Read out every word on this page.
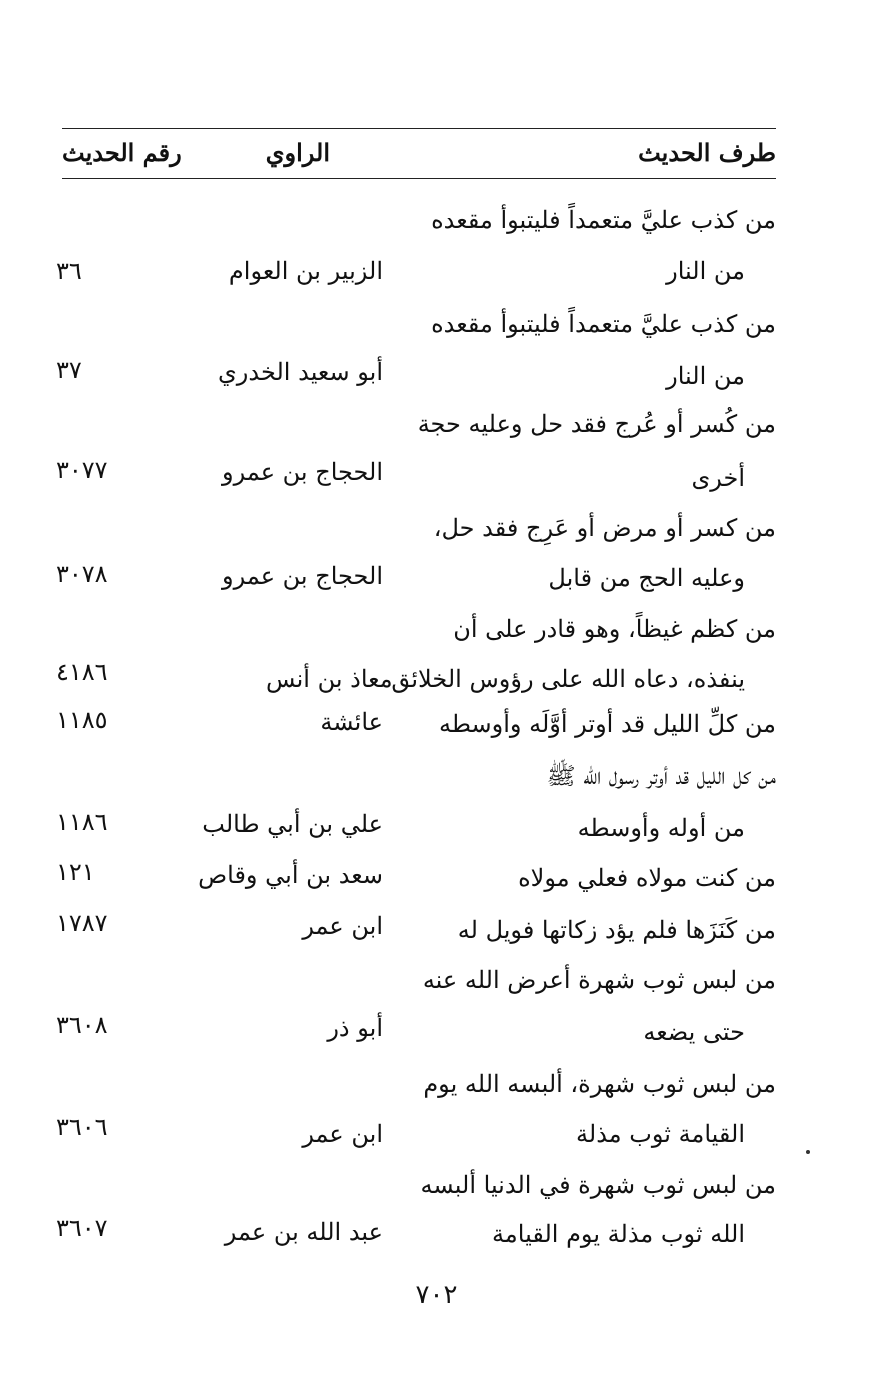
طرف الحديث
الراوي
رقم الحديث
من كذب عليَّ متعمداً فليتبوأ مقعده
من النار
الزبير بن العوام
٣٦
من كذب عليَّ متعمداً فليتبوأ مقعده
من النار
أبو سعيد الخدري
٣٧
من كُسر أو عُرج فقد حل وعليه حجة
أخرى
الحجاج بن عمرو
٣٠٧٧
من كسر أو مرض أو عَرِج فقد حل،
وعليه الحج من قابل
الحجاج بن عمرو
٣٠٧٨
من كظم غيظاً، وهو قادر على أن
ينفذه، دعاه الله على رؤوس الخلائق
معاذ بن أنس
٤١٨٦
من كلِّ الليل قد أوتر أوَّلَه وأوسطه
عائشة
١١٨٥
من كل الليل قد أوتر رسول الله ﷺ
من أوله وأوسطه
علي بن أبي طالب
١١٨٦
من كنت مولاه فعلي مولاه
سعد بن أبي وقاص
١٢١
من كَنَزَها فلم يؤد زكاتها فويل له
ابن عمر
١٧٨٧
من لبس ثوب شهرة أعرض الله عنه
حتى يضعه
أبو ذر
٣٦٠٨
من لبس ثوب شهرة، ألبسه الله يوم
القيامة ثوب مذلة
ابن عمر
٣٦٠٦
من لبس ثوب شهرة في الدنيا ألبسه
الله ثوب مذلة يوم القيامة
عبد الله بن عمر
٣٦٠٧
٧٠٢
